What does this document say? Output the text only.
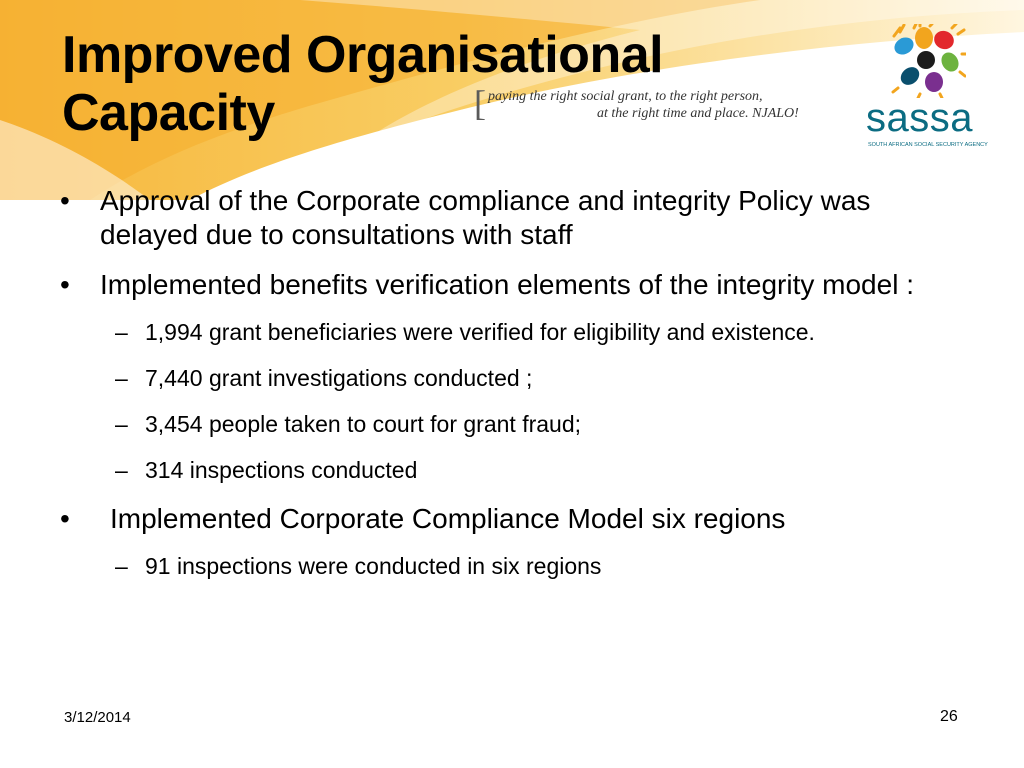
Improved Organisational
Capacity	[ paying the right social grant, to the right person,
at the right time and place. NJALO! sassa
SOUTH AFRICAN SOCIAL SECURITY AGENCY
• Approval of the Corporate compliance and integrity Policy was delayed due to consultations with staff
• Implemented benefits verification elements of the integrity model :
– 1,994 grant beneficiaries were verified for eligibility and existence.
– 7,440 grant investigations conducted ;
– 3,454 people taken to court for grant fraud;
– 314 inspections conducted
• Implemented Corporate Compliance Model six regions
– 91 inspections were conducted in six regions
3/12/2014	26
